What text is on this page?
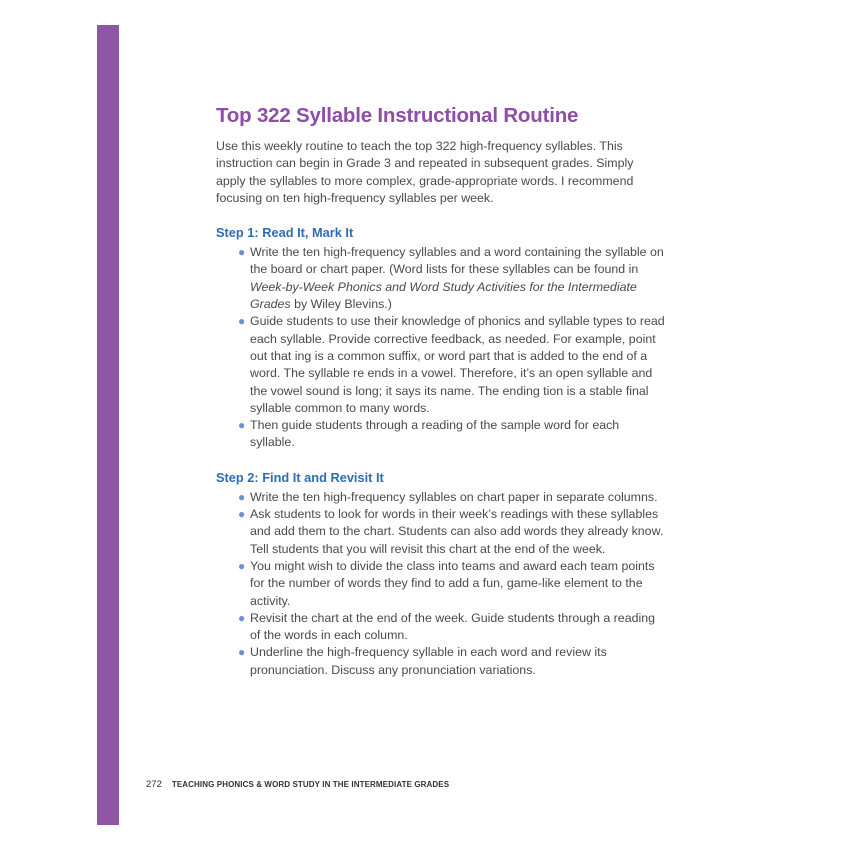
Top 322 Syllable Instructional Routine

Use this weekly routine to teach the top 322 high-frequency syllables. This instruction can begin in Grade 3 and repeated in subsequent grades. Simply apply the syllables to more complex, grade-appropriate words. I recommend focusing on ten high-frequency syllables per week.

Step 1: Read It, Mark It
● Write the ten high-frequency syllables and a word containing the syllable on the board or chart paper. (Word lists for these syllables can be found in Week-by-Week Phonics and Word Study Activities for the Intermediate Grades by Wiley Blevins.)
● Guide students to use their knowledge of phonics and syllable types to read each syllable. Provide corrective feedback, as needed. For example, point out that ing is a common suffix, or word part that is added to the end of a word. The syllable re ends in a vowel. Therefore, it’s an open syllable and the vowel sound is long; it says its name. The ending tion is a stable final syllable common to many words.
● Then guide students through a reading of the sample word for each syllable.
Step 2: Find It and Revisit It
● Write the ten high-frequency syllables on chart paper in separate columns.
● Ask students to look for words in their week’s readings with these syllables and add them to the chart. Students can also add words they already know. Tell students that you will revisit this chart at the end of the week.
● You might wish to divide the class into teams and award each team points for the number of words they find to add a fun, game-like element to the activity.
● Revisit the chart at the end of the week. Guide students through a reading of the words in each column.
● Underline the high-frequency syllable in each word and review its pronunciation. Discuss any pronunciation variations.
272 TEACHING PHONICS & WORD STUDY IN THE INTERMEDIATE GRADES
